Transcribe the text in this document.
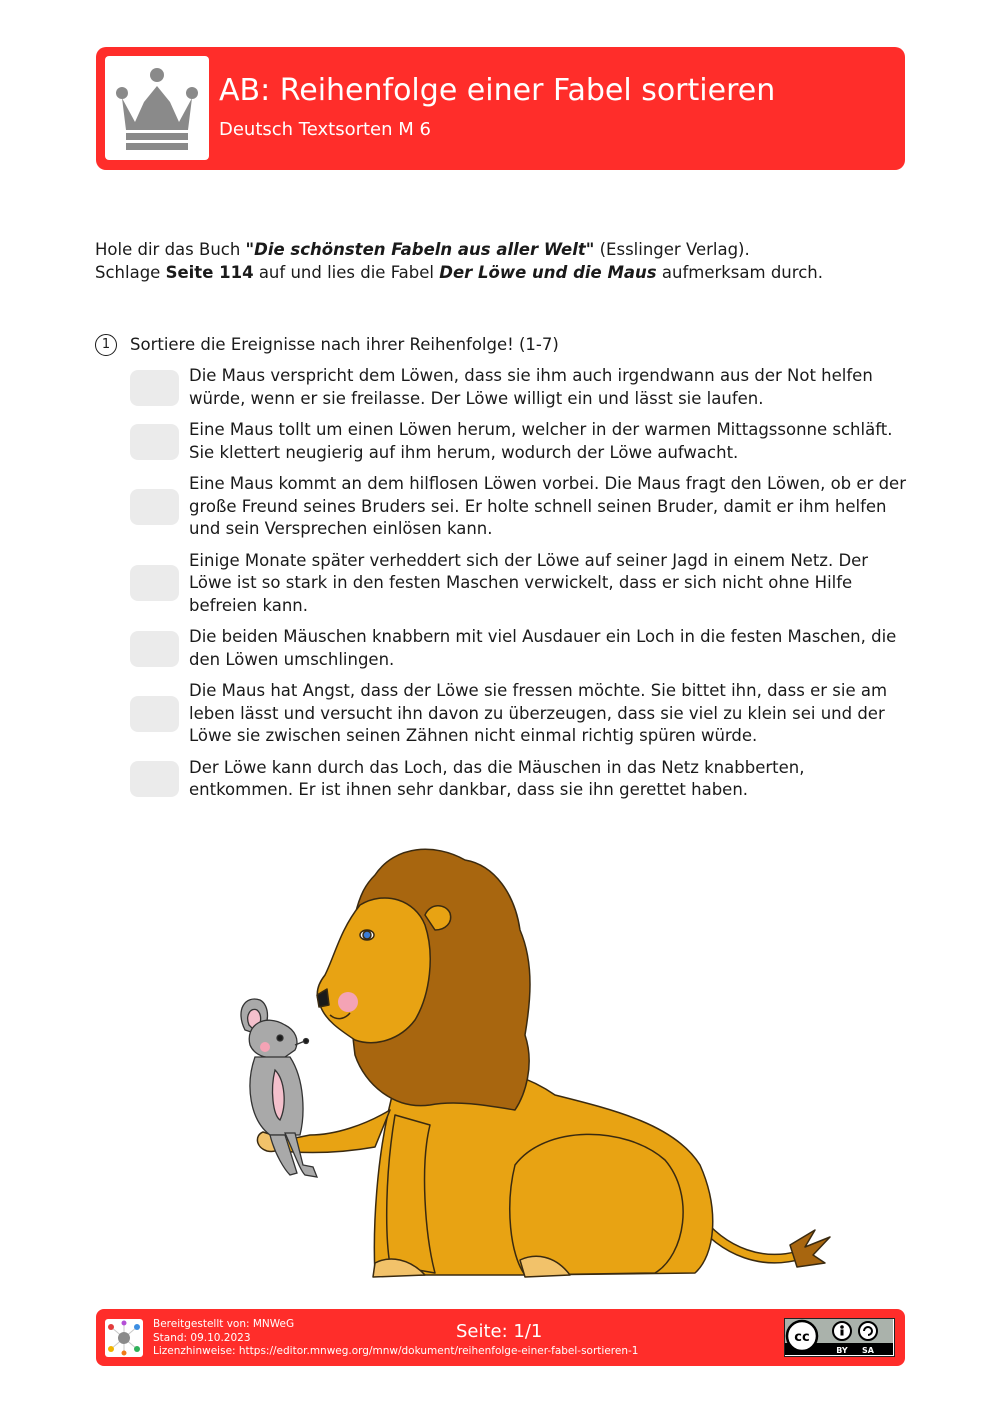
AB: Reihenfolge einer Fabel sortieren
Deutsch Textsorten M 6

Hole dir das Buch "Die schönsten Fabeln aus aller Welt" (Esslinger Verlag).

Schlage Seite 114 auf und lies die Fabel Der Löwe und die Maus aufmerksam durch.

1	Sortiere die Ereignisse nach ihrer Reihenfolge! (1-7)
Die Maus verspricht dem Löwen, dass sie ihm auch irgendwann aus der Not helfen würde, wenn er sie freilasse. Der Löwe willigt ein und lässt sie laufen.
Eine Maus tollt um einen Löwen herum, welcher in der warmen Mittagssonne schläft. Sie klettert neugierig auf ihm herum, wodurch der Löwe aufwacht.
Eine Maus kommt an dem hilflosen Löwen vorbei. Die Maus fragt den Löwen, ob er der große Freund seines Bruders sei. Er holte schnell seinen Bruder, damit er ihm helfen und sein Versprechen einlösen kann.
Einige Monate später verheddert sich der Löwe auf seiner Jagd in einem Netz. Der Löwe ist so stark in den festen Maschen verwickelt, dass er sich nicht ohne Hilfe befreien kann.
Die beiden Mäuschen knabbern mit viel Ausdauer ein Loch in die festen Maschen, die den Löwen umschlingen.
Die Maus hat Angst, dass der Löwe sie fressen möchte. Sie bittet ihn, dass er sie am leben lässt und versucht ihn davon zu überzeugen, dass sie viel zu klein sei und der Löwe sie zwischen seinen Zähnen nicht einmal richtig spüren würde.
Der Löwe kann durch das Loch, das die Mäuschen in das Netz knabberten, entkommen. Er ist ihnen sehr dankbar, dass sie ihn gerettet haben.
Bereitgestellt von: MNWeG
Stand: 09.10.2023
Lizenzhinweise: https://editor.mnweg.org/mnw/dokument/reihenfolge-einer-fabel-sortieren-1
Seite: 1/1	cc
BY SA
